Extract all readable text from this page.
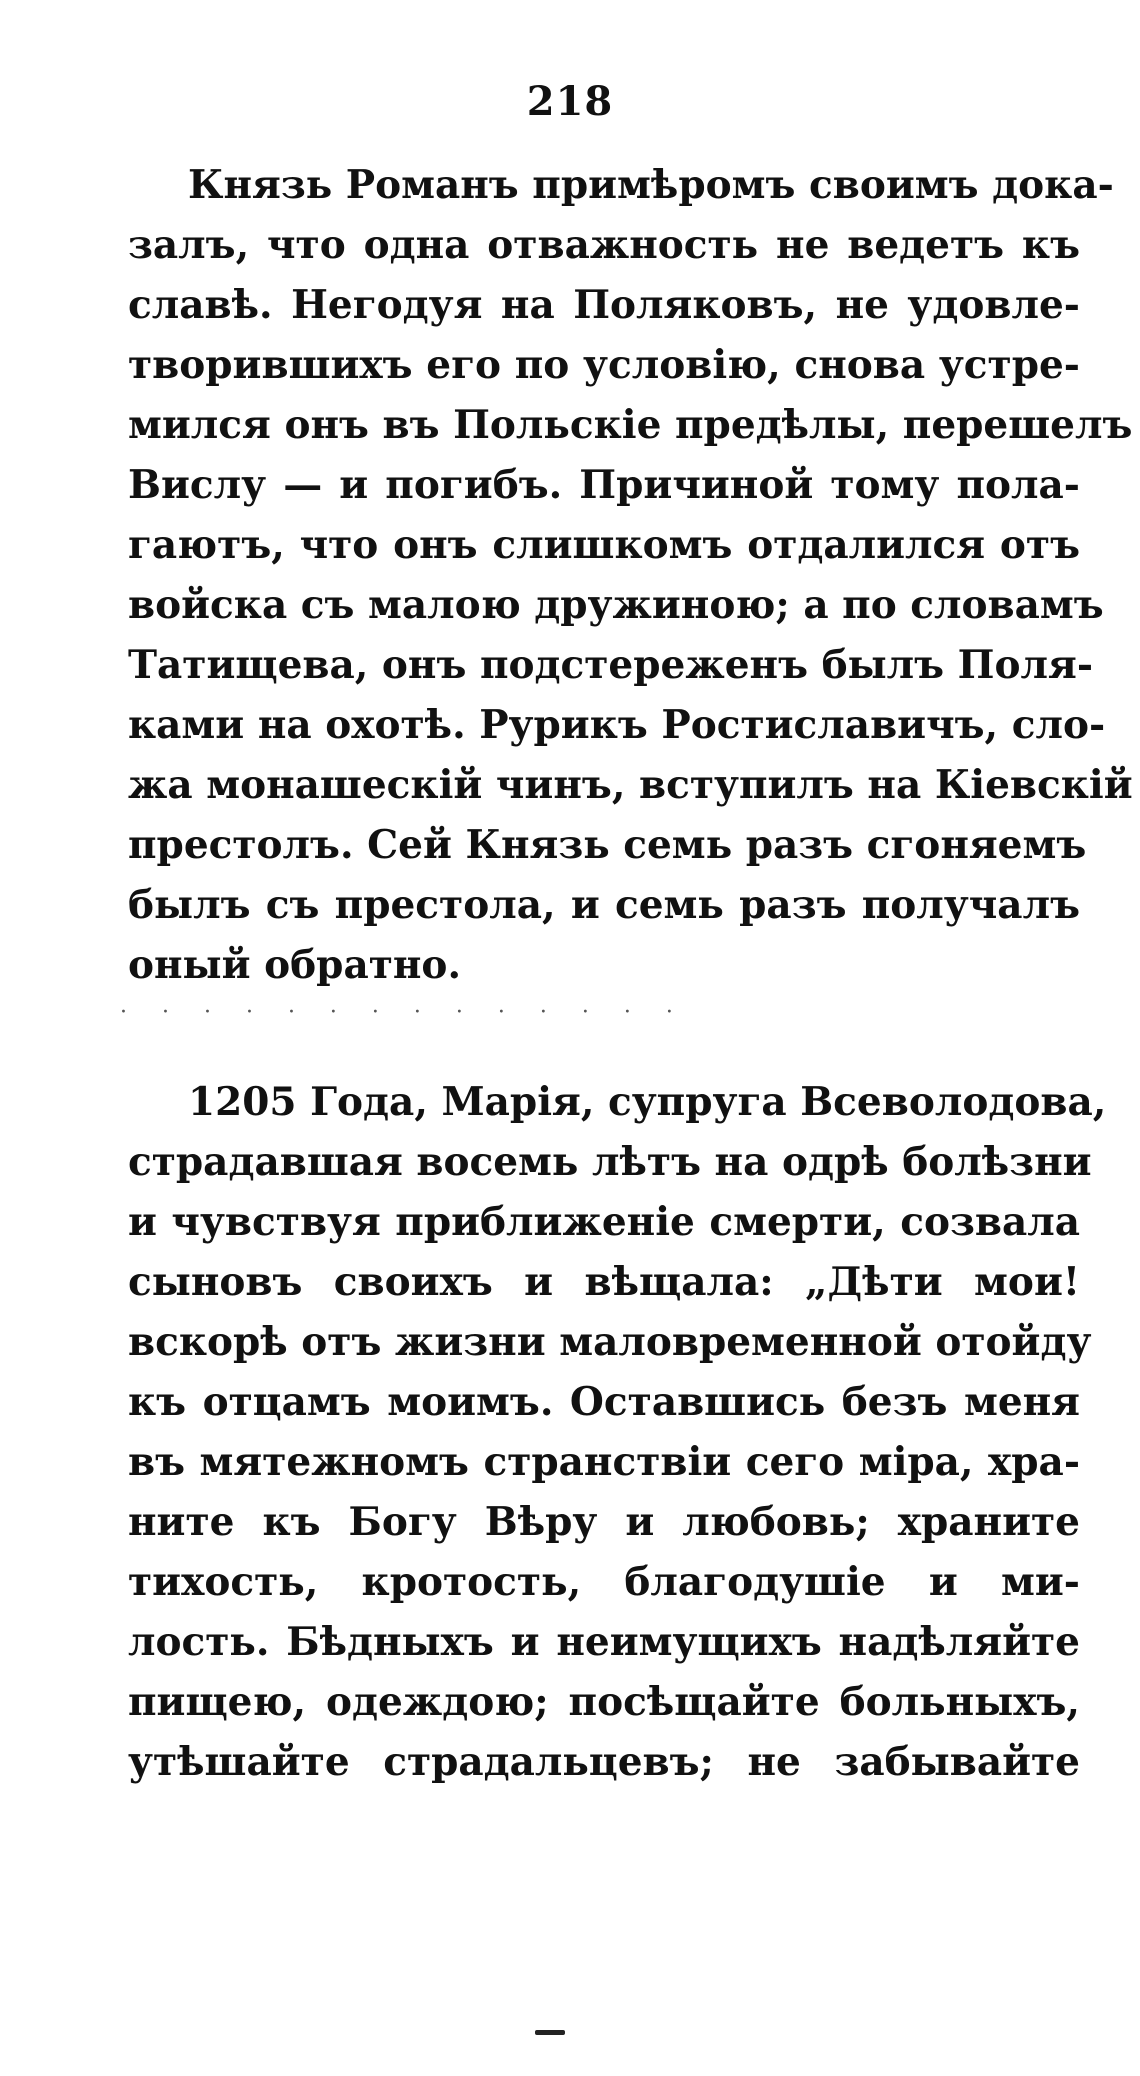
218
Князь Романъ примѣромъ своимъ дока-
залъ, что одна отважность не ведетъ къ
славѣ. Негодуя на Поляковъ, не удовле-
творившихъ его по условію, снова устре-
мился онъ въ Польскіе предѣлы, перешелъ
Вислу — и погибъ. Причиной тому пола-
гаютъ, что онъ слишкомъ отдалился отъ
войска съ малою дружиною; а по словамъ
Татищева, онъ подстереженъ былъ Поля-
ками на охотѣ. Рурикъ Ростиславичъ, сло-
жа монашескій чинъ, вступилъ на Кіевскій
престолъ. Сей Князь семь разъ сгоняемъ
былъ съ престола, и семь разъ получалъ
оный обратно.
· · · · · · · · · · · · · ·
1205 Года, Марія, супруга Всеволодова,
страдавшая восемь лѣтъ на одрѣ болѣзни
и чувствуя приближеніе смерти, созвала
сыновъ своихъ и вѣщала: „Дѣти мои!
вскорѣ отъ жизни маловременной отойду
къ отцамъ моимъ. Оставшись безъ меня
въ мятежномъ странствіи сего міра, хра-
ните къ Богу Вѣру и любовь; храните
тихость, кротость, благодушіе и ми-
лость. Бѣдныхъ и неимущихъ надѣляйте
пищею, одеждою; посѣщайте больныхъ,
утѣшайте страдальцевъ; не забывайте
